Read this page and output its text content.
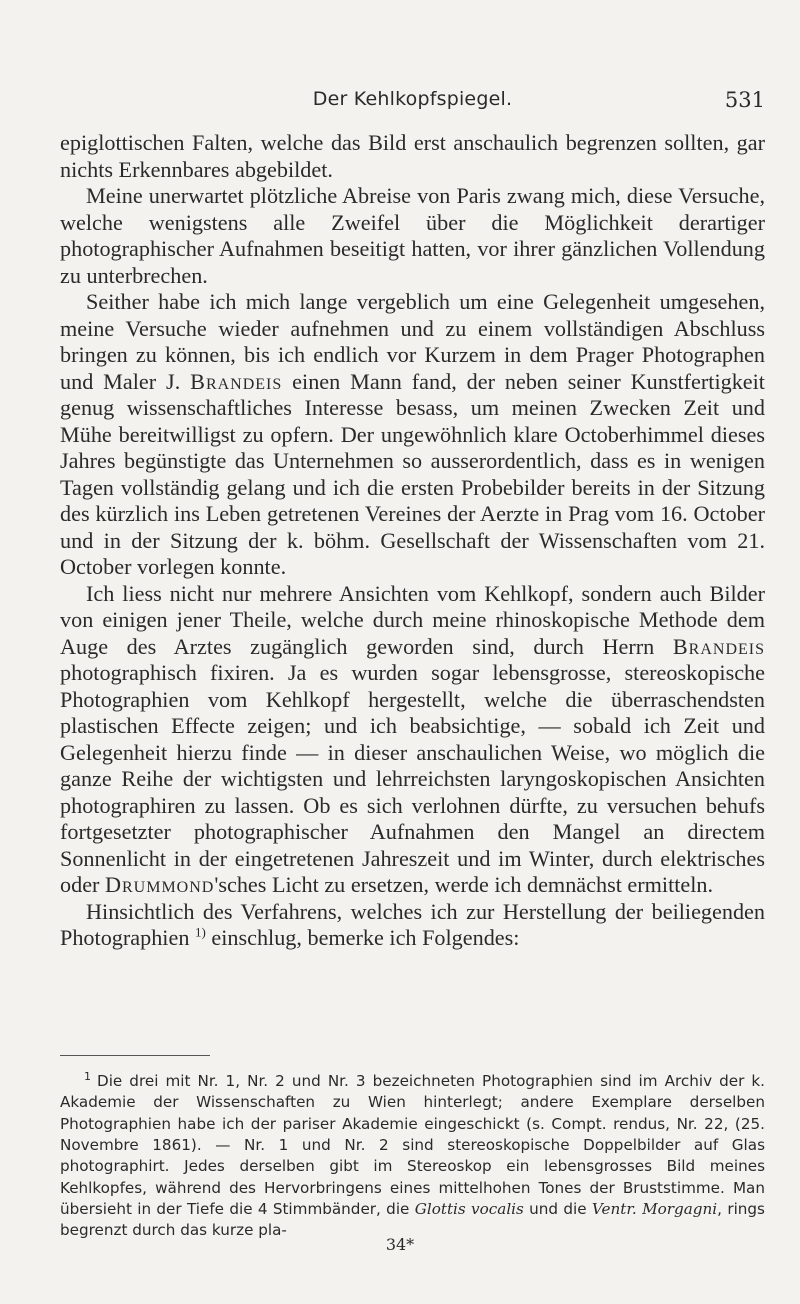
Der Kehlkopfspiegel.	531

epiglottischen Falten, welche das Bild erst anschaulich begrenzen sollten, gar nichts Erkennbares abgebildet.

Meine unerwartet plötzliche Abreise von Paris zwang mich, diese Versuche, welche wenigstens alle Zweifel über die Möglichkeit derartiger photographischer Aufnahmen beseitigt hatten, vor ihrer gänzlichen Vollendung zu unterbrechen.

Seither habe ich mich lange vergeblich um eine Gelegenheit umgesehen, meine Versuche wieder aufnehmen und zu einem vollständigen Abschluss bringen zu können, bis ich endlich vor Kurzem in dem Prager Photographen und Maler J. Brandeis einen Mann fand, der neben seiner Kunstfertigkeit genug wissenschaftliches Interesse besass, um meinen Zwecken Zeit und Mühe bereitwilligst zu opfern. Der ungewöhnlich klare Octoberhimmel dieses Jahres begünstigte das Unternehmen so ausserordentlich, dass es in wenigen Tagen vollständig gelang und ich die ersten Probebilder bereits in der Sitzung des kürzlich ins Leben getretenen Vereines der Aerzte in Prag vom 16. October und in der Sitzung der k. böhm. Gesellschaft der Wissenschaften vom 21. October vorlegen konnte.

Ich liess nicht nur mehrere Ansichten vom Kehlkopf, sondern auch Bilder von einigen jener Theile, welche durch meine rhinoskopische Methode dem Auge des Arztes zugänglich geworden sind, durch Herrn Brandeis photographisch fixiren. Ja es wurden sogar lebensgrosse, stereoskopische Photographien vom Kehlkopf hergestellt, welche die überraschendsten plastischen Effecte zeigen; und ich beabsichtige, — sobald ich Zeit und Gelegenheit hierzu finde — in dieser anschaulichen Weise, wo möglich die ganze Reihe der wichtigsten und lehrreichsten laryngoskopischen Ansichten photographiren zu lassen. Ob es sich verlohnen dürfte, zu versuchen behufs fortgesetzter photographischer Aufnahmen den Mangel an directem Sonnenlicht in der eingetretenen Jahreszeit und im Winter, durch elektrisches oder Drummond'sches Licht zu ersetzen, werde ich demnächst ermitteln.

Hinsichtlich des Verfahrens, welches ich zur Herstellung der beiliegenden Photographien $^{1)}$ einschlug, bemerke ich Folgendes:

$^1$ Die drei mit Nr. 1, Nr. 2 und Nr. 3 bezeichneten Photographien sind im Archiv der k. Akademie der Wissenschaften zu Wien hinterlegt; andere Exemplare derselben Photographien habe ich der pariser Akademie eingeschickt (s. Compt. rendus, Nr. 22, (25. Novembre 1861). — Nr. 1 und Nr. 2 sind stereoskopische Doppelbilder auf Glas photographirt. Jedes derselben gibt im Stereoskop ein lebensgrosses Bild meines Kehlkopfes, während des Hervorbringens eines mittelhohen Tones der Bruststimme. Man übersieht in der Tiefe die 4 Stimmbänder, die Glottis vocalis und die Ventr. Morgagni, rings begrenzt durch das kurze pla-

34*
